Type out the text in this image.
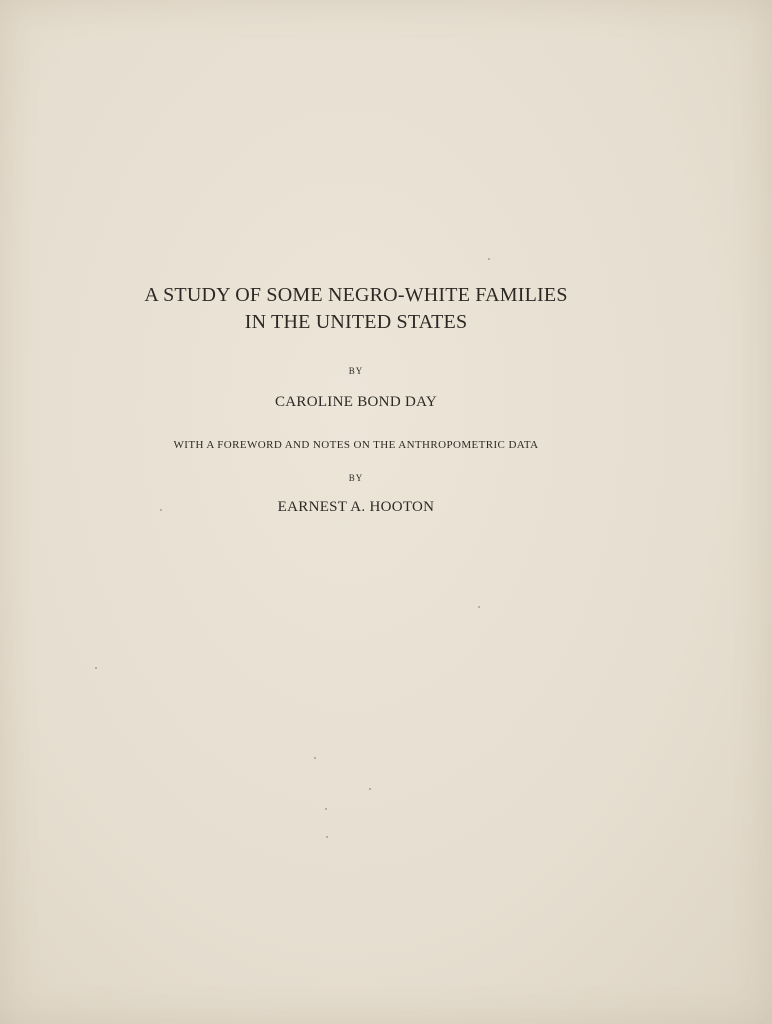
A STUDY OF SOME NEGRO-WHITE FAMILIES
IN THE UNITED STATES
BY
CAROLINE BOND DAY
WITH A FOREWORD AND NOTES ON THE ANTHROPOMETRIC DATA
BY
EARNEST A. HOOTON
